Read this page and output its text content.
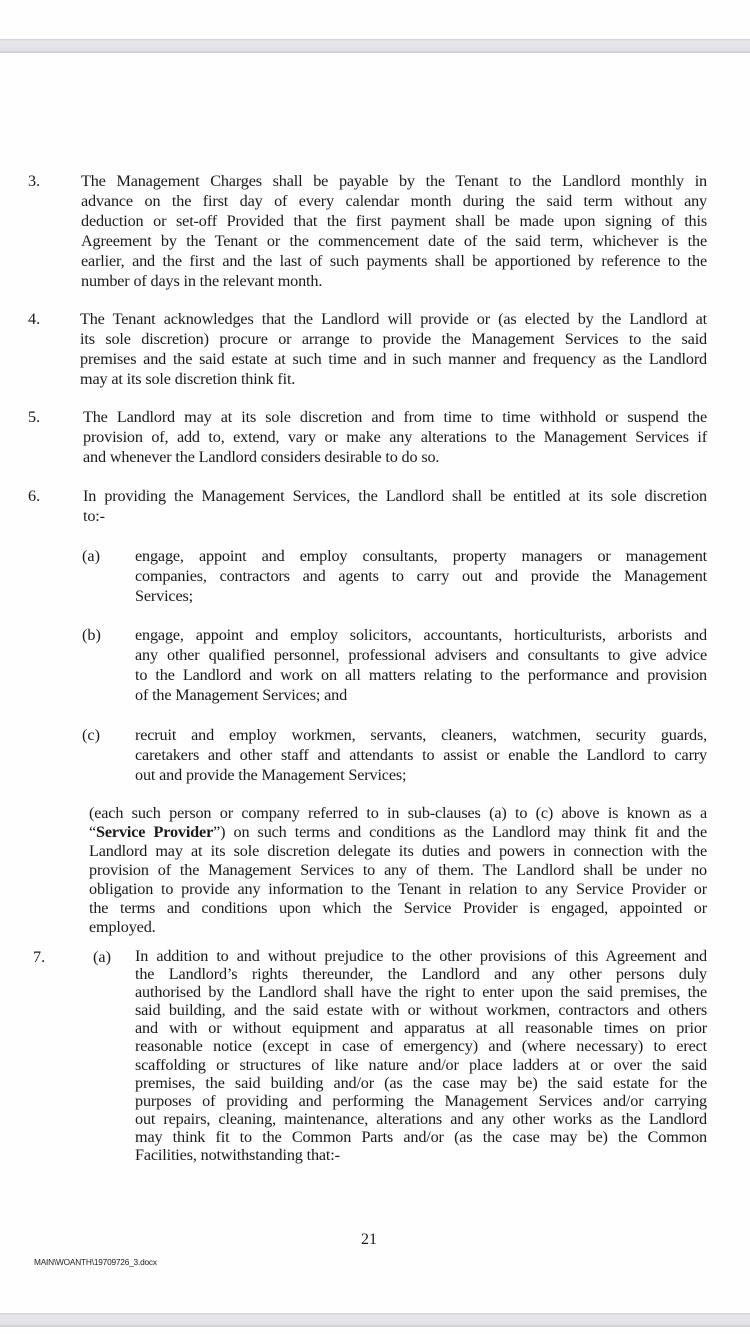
3.	The Management Charges shall be payable by the Tenant to the Landlord monthly in
advance on the first day of every calendar month during the said term without any
deduction or set-off Provided that the first payment shall be made upon signing of this
Agreement by the Tenant or the commencement date of the said term, whichever is the
earlier, and the first and the last of such payments shall be apportioned by reference to the
number of days in the relevant month.
4. The Tenant acknowledges that the Landlord will provide or (as elected by the Landlord at
its sole discretion) procure or arrange to provide the Management Services to the said
premises and the said estate at such time and in such manner and frequency as the Landlord
may at its sole discretion think fit.
5.	The Landlord may at its sole discretion and from time to time withhold or suspend the
provision of, add to, extend, vary or make any alterations to the Management Services if
and whenever the Landlord considers desirable to do so.
6.	In providing the Management Services, the Landlord shall be entitled at its sole discretion
to:-
(a) engage, appoint and employ consultants, property managers or management
companies, contractors and agents to carry out and provide the Management
Services;
(b) engage, appoint and employ solicitors, accountants, horticulturists, arborists and
any other qualified personnel, professional advisers and consultants to give advice
to the Landlord and work on all matters relating to the performance and provision
of the Management Services; and
(c) recruit and employ workmen, servants, cleaners, watchmen, security guards,
caretakers and other staff and attendants to assist or enable the Landlord to carry
out and provide the Management Services;
(each such person or company referred to in sub-clauses (a) to (c) above is known as a
“Service Provider”) on such terms and conditions as the Landlord may think fit and the
Landlord may at its sole discretion delegate its duties and powers in connection with the
provision of the Management Services to any of them. The Landlord shall be under no
obligation to provide any information to the Tenant in relation to any Service Provider or
the terms and conditions upon which the Service Provider is engaged, appointed or
employed.
7.	(a) In addition to and without prejudice to the other provisions of this Agreement and
the Landlord’s rights thereunder, the Landlord and any other persons duly
authorised by the Landlord shall have the right to enter upon the said premises, the
said building, and the said estate with or without workmen, contractors and others
and with or without equipment and apparatus at all reasonable times on prior
reasonable notice (except in case of emergency) and (where necessary) to erect
scaffolding or structures of like nature and/or place ladders at or over the said
premises, the said building and/or (as the case may be) the said estate for the
purposes of providing and performing the Management Services and/or carrying
out repairs, cleaning, maintenance, alterations and any other works as the Landlord
may think fit to the Common Parts and/or (as the case may be) the Common
Facilities, notwithstanding that:-
21
MAIN\WOANTH\19709726_3.docx
